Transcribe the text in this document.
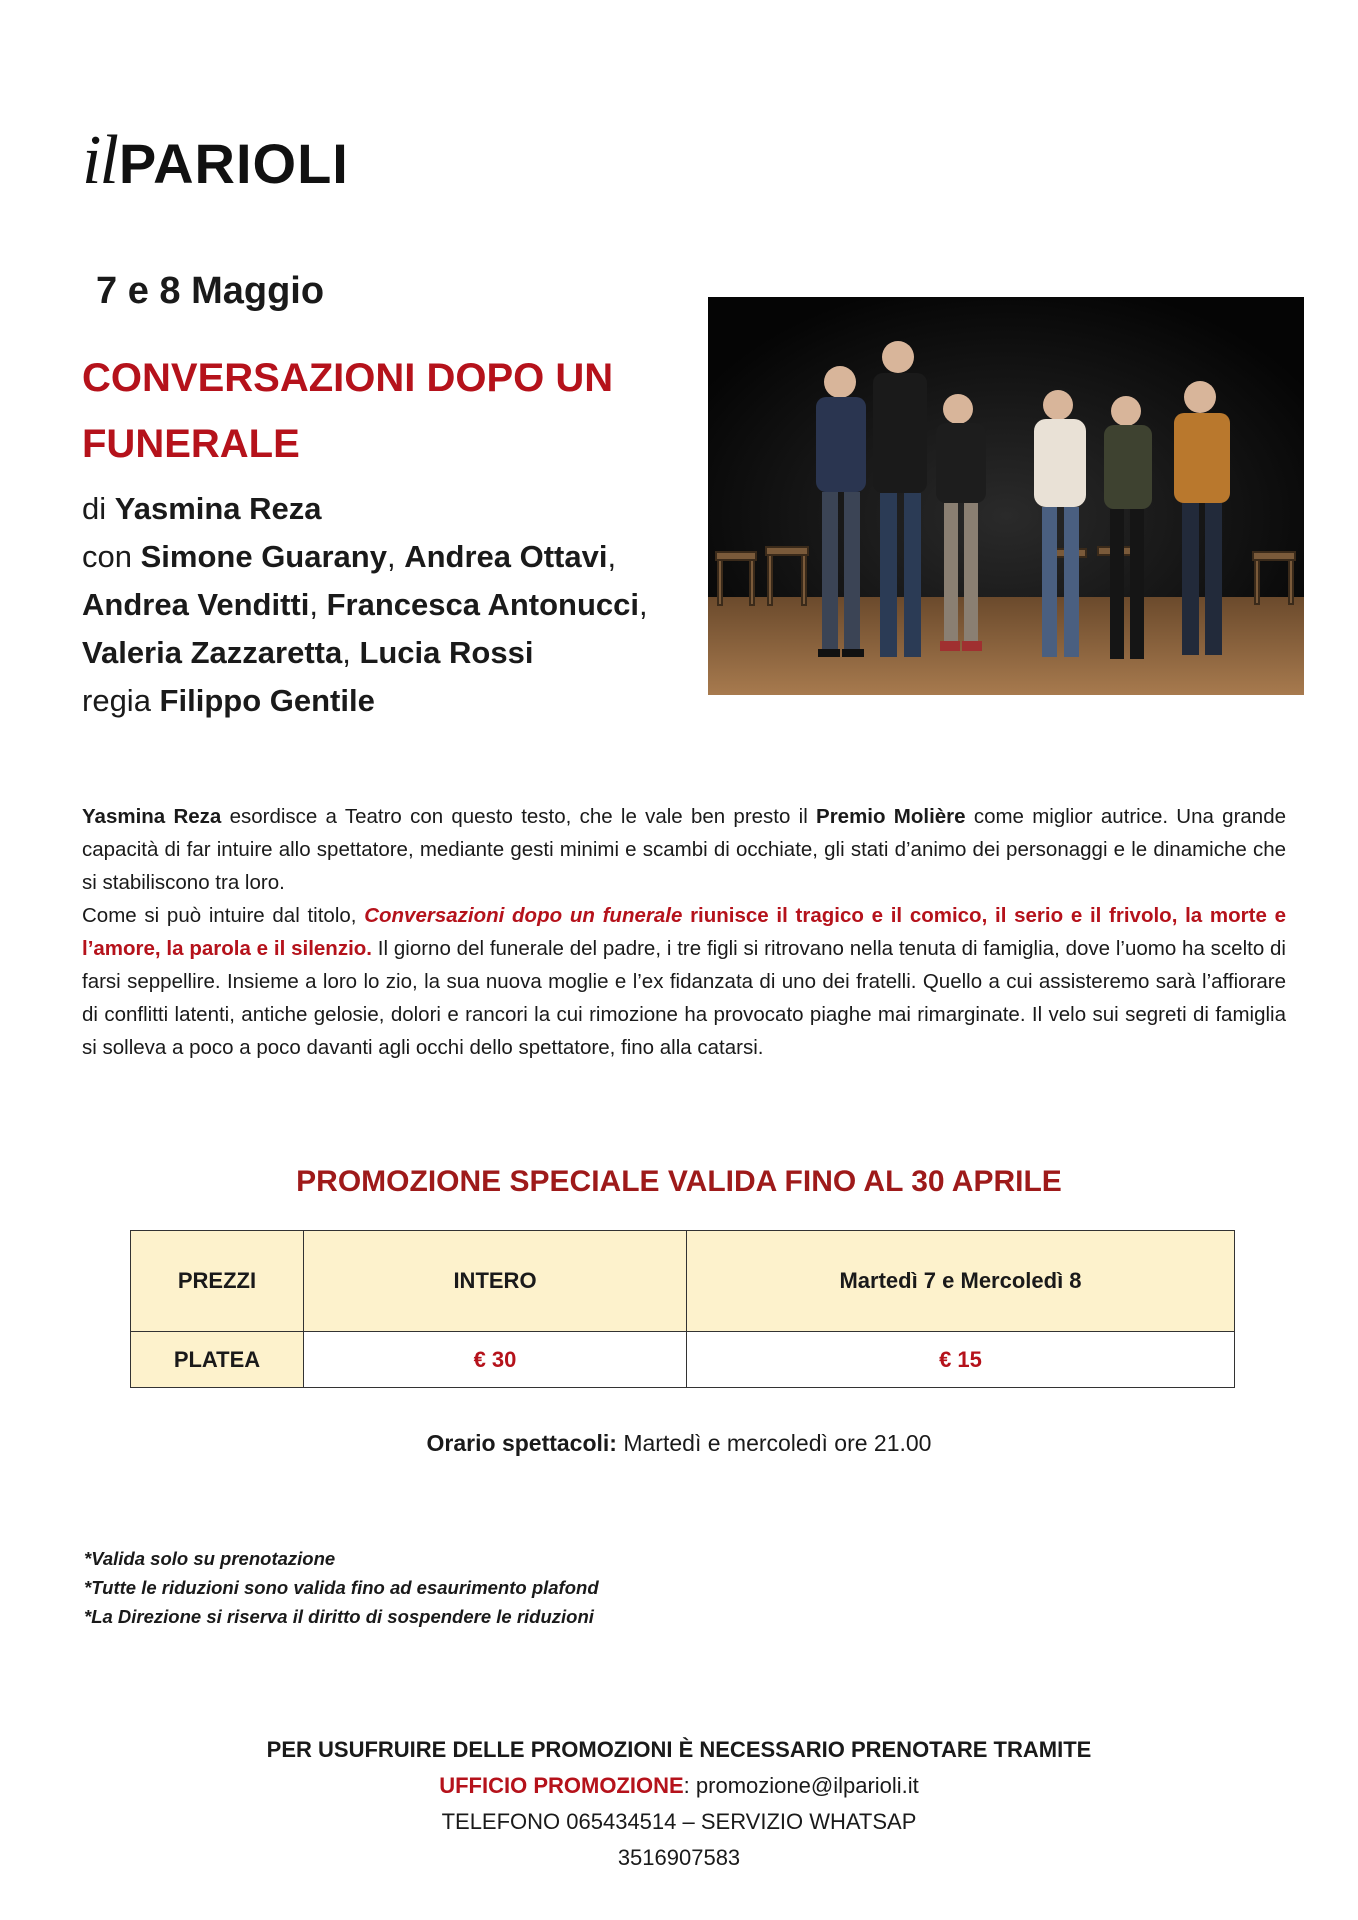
il PARIOLI
7 e 8 Maggio
CONVERSAZIONI DOPO UN FUNERALE
di Yasmina Reza
con Simone Guarany, Andrea Ottavi,
Andrea Venditti, Francesca Antonucci,
Valeria Zazzaretta, Lucia Rossi
regia Filippo Gentile
Yasmina Reza esordisce a Teatro con questo testo, che le vale ben presto il Premio Molière come miglior autrice. Una grande capacità di far intuire allo spettatore, mediante gesti minimi e scambi di occhiate, gli stati d’animo dei personaggi e le dinamiche che si stabiliscono tra loro.
Come si può intuire dal titolo, Conversazioni dopo un funerale riunisce il tragico e il comico, il serio e il frivolo, la morte e l’amore, la parola e il silenzio. Il giorno del funerale del padre, i tre figli si ritrovano nella tenuta di famiglia, dove l’uomo ha scelto di farsi seppellire. Insieme a loro lo zio, la sua nuova moglie e l’ex fidanzata di uno dei fratelli. Quello a cui assisteremo sarà l’affiorare di conflitti latenti, antiche gelosie, dolori e rancori la cui rimozione ha provocato piaghe mai rimarginate. Il velo sui segreti di famiglia si solleva a poco a poco davanti agli occhi dello spettatore, fino alla catarsi.
PROMOZIONE SPECIALE VALIDA FINO AL 30 APRILE
PREZZI	INTERO	Martedì 7 e Mercoledì 8
PLATEA	€ 30	€ 15
Orario spettacoli: Martedì e mercoledì ore 21.00
*Valida solo su prenotazione
*Tutte le riduzioni sono valida fino ad esaurimento plafond
*La Direzione si riserva il diritto di sospendere le riduzioni
PER USUFRUIRE DELLE PROMOZIONI È NECESSARIO PRENOTARE TRAMITE
UFFICIO PROMOZIONE: promozione@ilparioli.it
TELEFONO 065434514 – SERVIZIO WHATSAP
3516907583
